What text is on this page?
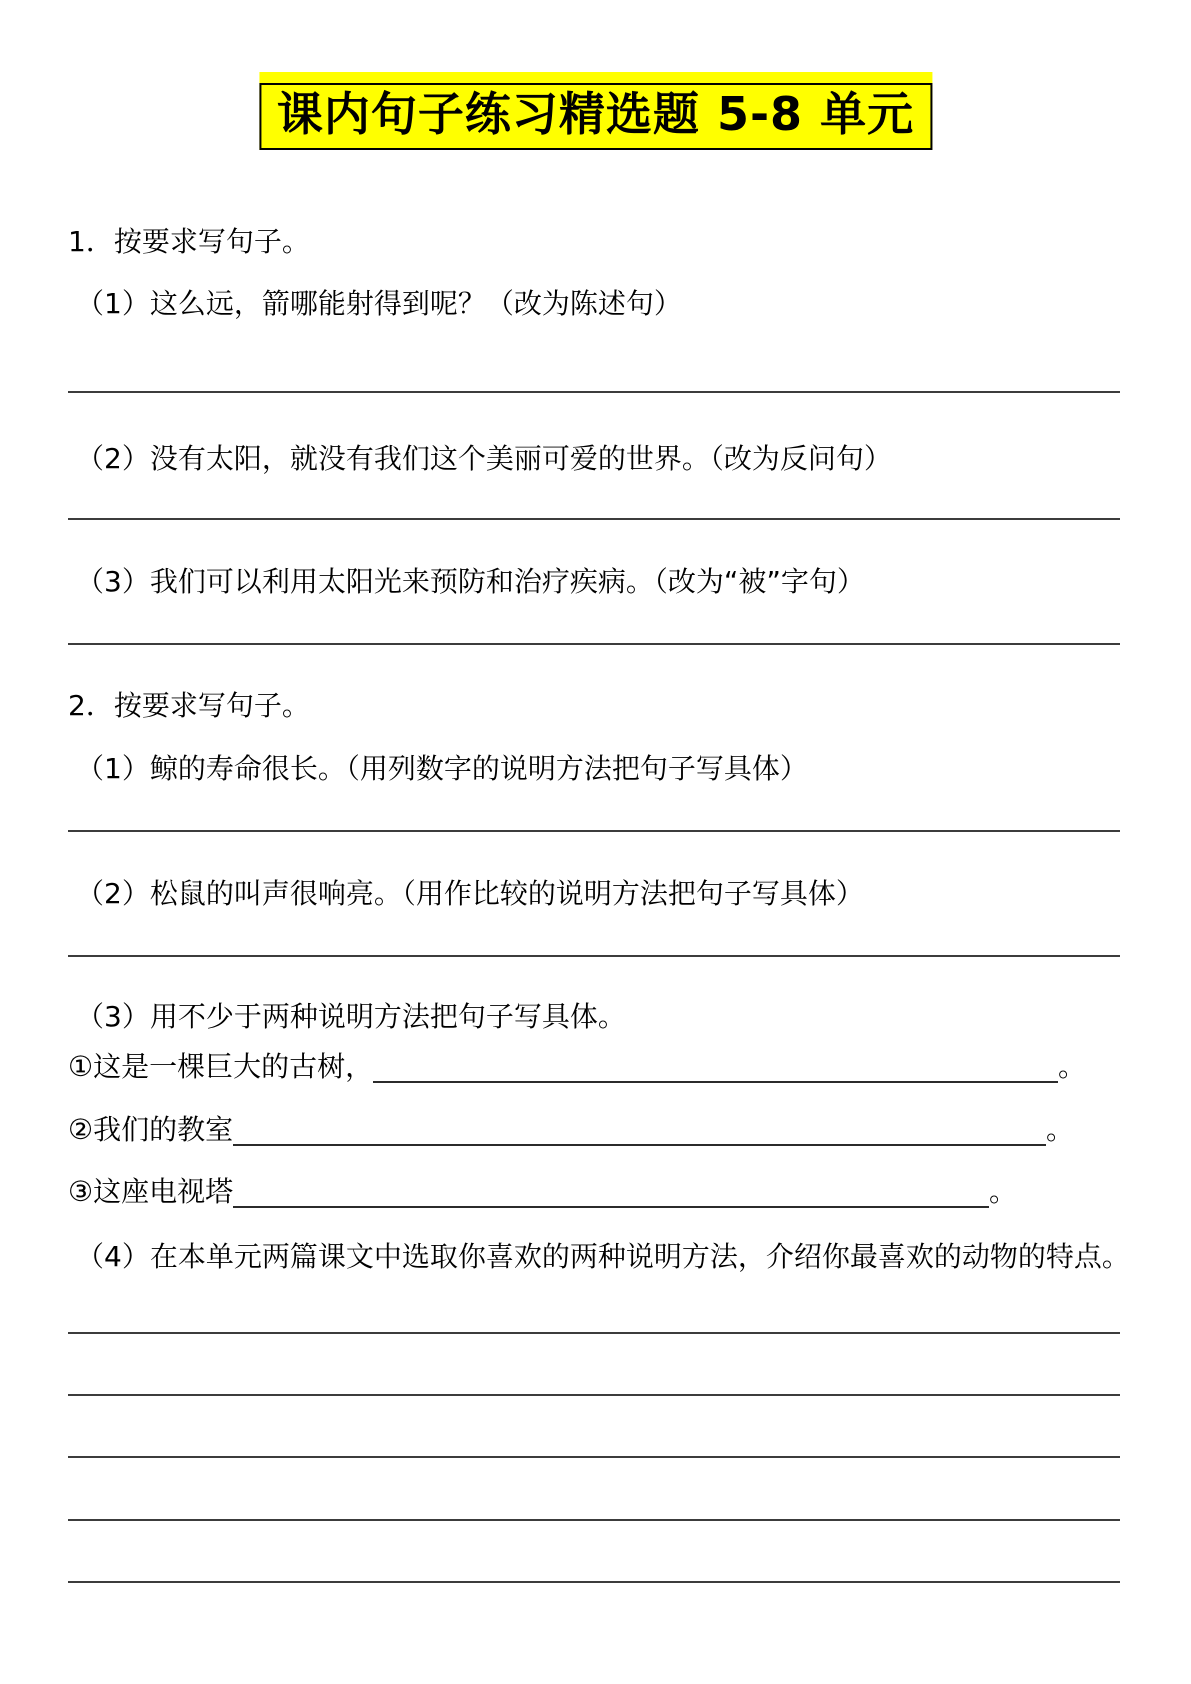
课内句子练习精选题 5-8 单元
1．按要求写句子。
（1）这么远，箭哪能射得到呢？（改为陈述句）
（2）没有太阳，就没有我们这个美丽可爱的世界。（改为反问句）
（3）我们可以利用太阳光来预防和治疗疾病。（改为“被”字句）
2．按要求写句子。
（1）鲸的寿命很长。（用列数字的说明方法把句子写具体）
（2）松鼠的叫声很响亮。（用作比较的说明方法把句子写具体）
（3）用不少于两种说明方法把句子写具体。
①这是一棵巨大的古树，	。
②我们的教室	。
③这座电视塔	。
（4）在本单元两篇课文中选取你喜欢的两种说明方法，介绍你最喜欢的动物的特点。
